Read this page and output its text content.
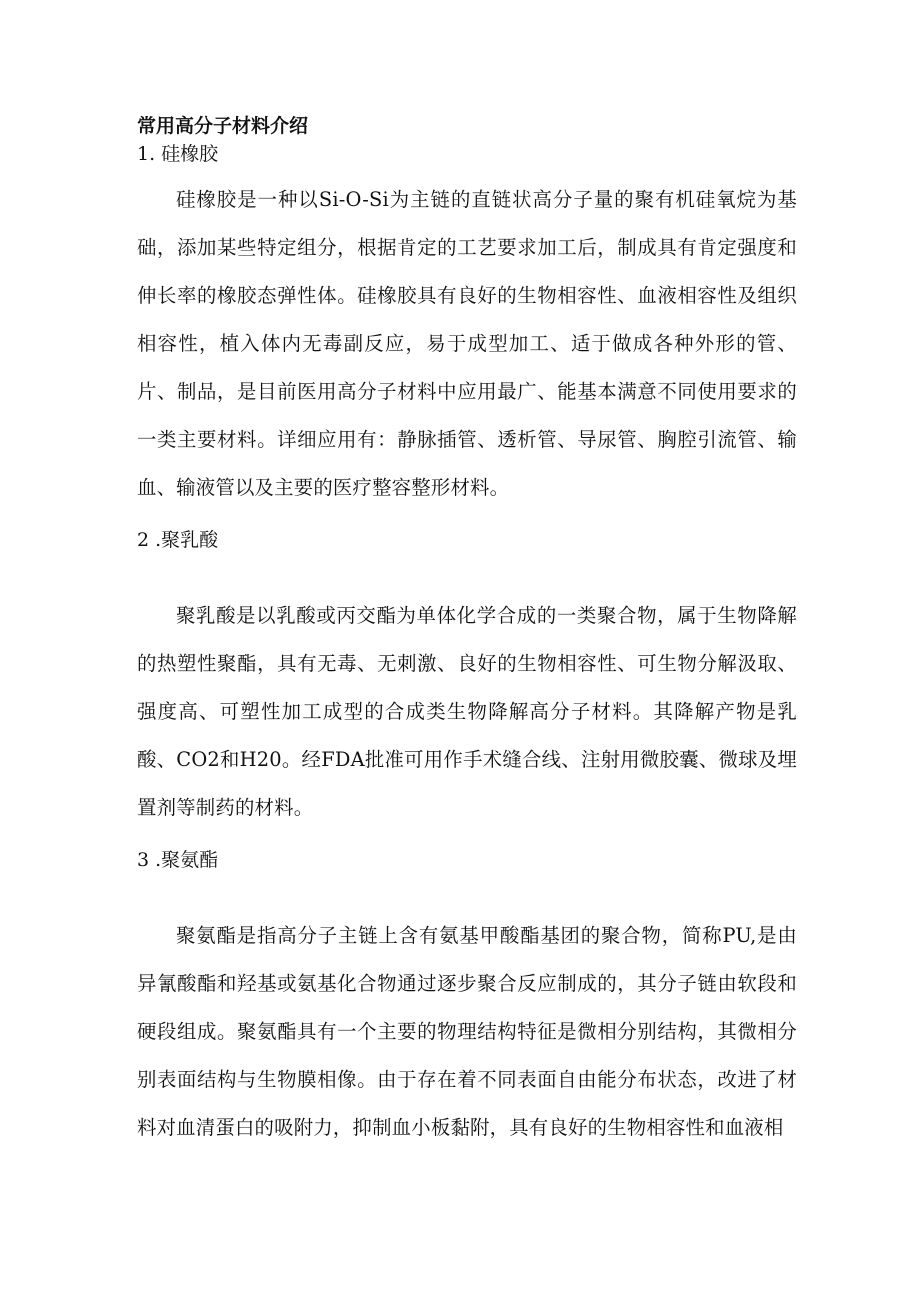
常用高分子材料介绍
1. 硅橡胶

硅橡胶是一种以Si-O-Si为主链的直链状高分子量的聚有机硅氧烷为基础，添加某些特定组分，根据肯定的工艺要求加工后，制成具有肯定强度和伸长率的橡胶态弹性体。硅橡胶具有良好的生物相容性、血液相容性及组织相容性，植入体内无毒副反应，易于成型加工、适于做成各种外形的管、片、制品，是目前医用高分子材料中应用最广、能基本满意不同使用要求的一类主要材料。详细应用有：静脉插管、透析管、导尿管、胸腔引流管、输血、输液管以及主要的医疗整容整形材料。

2 .聚乳酸

聚乳酸是以乳酸或丙交酯为单体化学合成的一类聚合物，属于生物降解的热塑性聚酯，具有无毒、无刺激、良好的生物相容性、可生物分解汲取、强度高、可塑性加工成型的合成类生物降解高分子材料。其降解产物是乳酸、CO2和H20。经FDA批准可用作手术缝合线、注射用微胶囊、微球及埋置剂等制药的材料。

3 .聚氨酯

聚氨酯是指高分子主链上含有氨基甲酸酯基团的聚合物，简称PU,是由异氰酸酯和羟基或氨基化合物通过逐步聚合反应制成的，其分子链由软段和硬段组成。聚氨酯具有一个主要的物理结构特征是微相分别结构，其微相分别表面结构与生物膜相像。由于存在着不同表面自由能分布状态，改进了材料对血清蛋白的吸附力，抑制血小板黏附，具有良好的生物相容性和血液相
